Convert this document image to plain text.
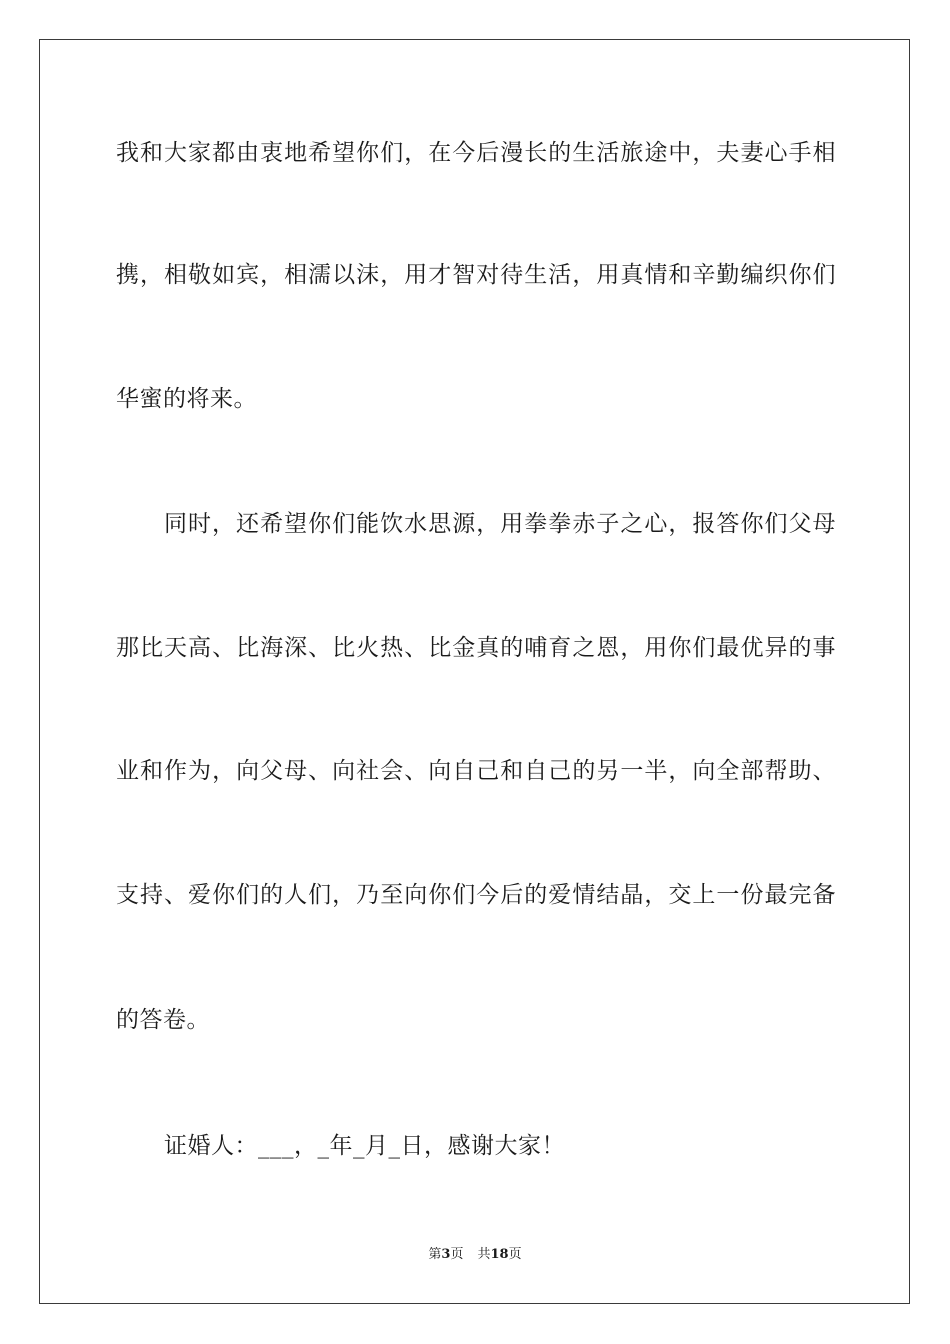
我和大家都由衷地希望你们，在今后漫长的生活旅途中，夫妻心手相
携，相敬如宾，相濡以沫，用才智对待生活，用真情和辛勤编织你们
华蜜的将来。
同时，还希望你们能饮水思源，用拳拳赤子之心，报答你们父母
那比天高、比海深、比火热、比金真的哺育之恩，用你们最优异的事
业和作为，向父母、向社会、向自己和自己的另一半，向全部帮助、
支持、爱你们的人们，乃至向你们今后的爱情结晶，交上一份最完备
的答卷。
证婚人：___，_年_月_日，感谢大家！
第3页 共18页
